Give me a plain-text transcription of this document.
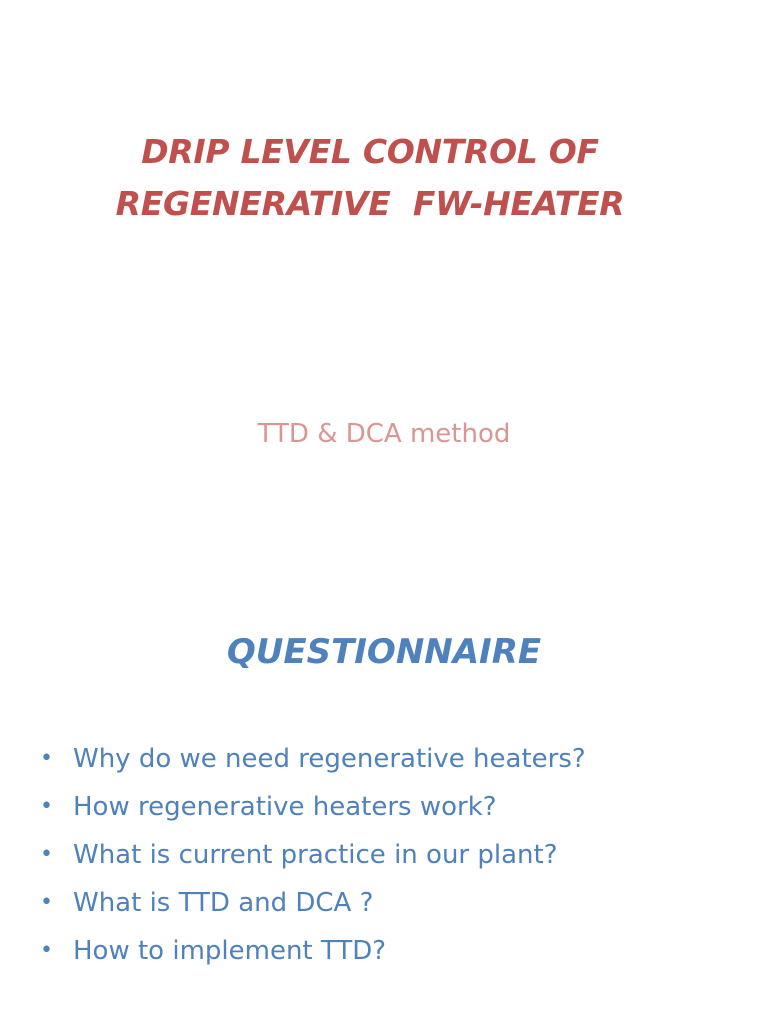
DRIP LEVEL CONTROL OF
REGENERATIVE  FW-HEATER
TTD & DCA method
QUESTIONNAIRE
• Why do we need regenerative heaters?
• How regenerative heaters work?
• What is current practice in our plant?
• What is TTD and DCA ?
• How to implement TTD?
